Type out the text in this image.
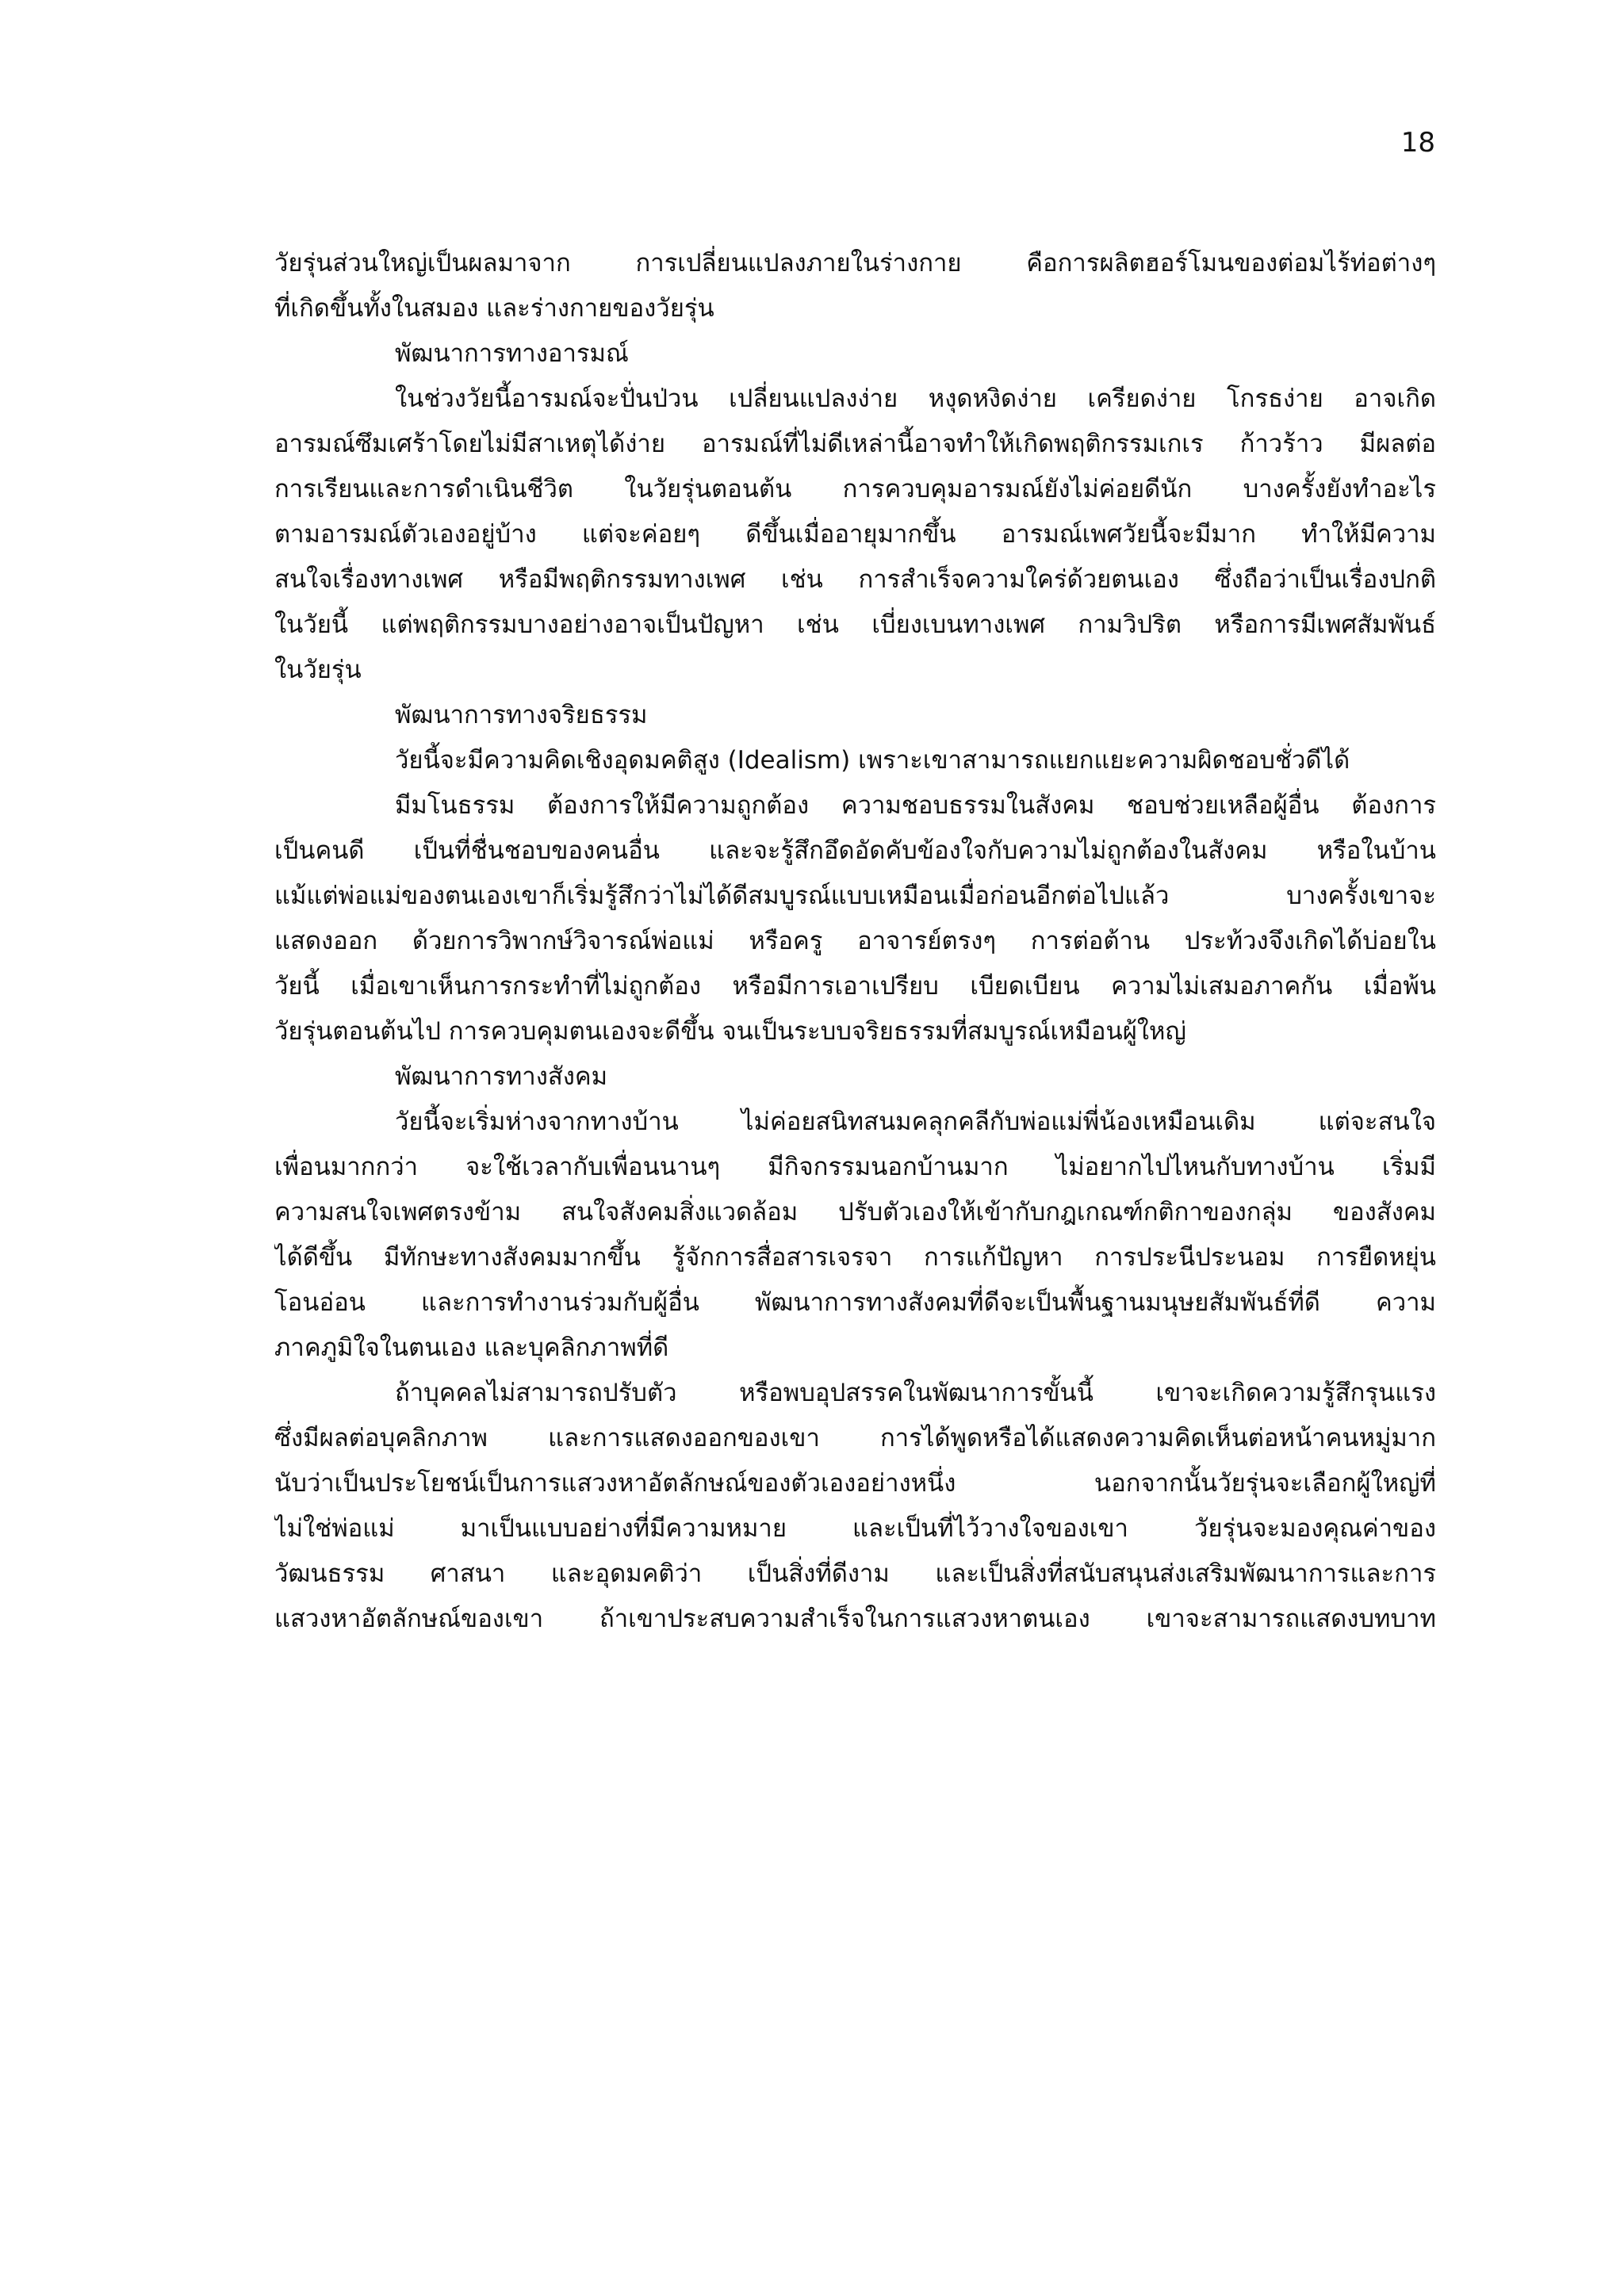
18
วัยรุ่นส่วนใหญ่เป็นผลมาจาก การเปลี่ยนแปลงภายในร่างกาย คือการผลิตฮอร์โมนของต่อมไร้ท่อต่างๆ
ที่เกิดขึ้นทั้งในสมอง และร่างกายของวัยรุ่น
พัฒนาการทางอารมณ์
ในช่วงวัยนี้อารมณ์จะปั่นป่วน เปลี่ยนแปลงง่าย หงุดหงิดง่าย เครียดง่าย โกรธง่าย อาจเกิด
อารมณ์ซึมเศร้าโดยไม่มีสาเหตุได้ง่าย อารมณ์ที่ไม่ดีเหล่านี้อาจทำให้เกิดพฤติกรรมเกเร ก้าวร้าว มีผลต่อ
การเรียนและการดำเนินชีวิต ในวัยรุ่นตอนต้น การควบคุมอารมณ์ยังไม่ค่อยดีนัก บางครั้งยังทำอะไร
ตามอารมณ์ตัวเองอยู่บ้าง แต่จะค่อยๆ ดีขึ้นเมื่ออายุมากขึ้น อารมณ์เพศวัยนี้จะมีมาก ทำให้มีความ
สนใจเรื่องทางเพศ หรือมีพฤติกรรมทางเพศ เช่น การสำเร็จความใคร่ด้วยตนเอง ซึ่งถือว่าเป็นเรื่องปกติ
ในวัยนี้ แต่พฤติกรรมบางอย่างอาจเป็นปัญหา เช่น เบี่ยงเบนทางเพศ กามวิปริต หรือการมีเพศสัมพันธ์
ในวัยรุ่น
พัฒนาการทางจริยธรรม
วัยนี้จะมีความคิดเชิงอุดมคติสูง (Idealism) เพราะเขาสามารถแยกแยะความผิดชอบชั่วดีได้
มีมโนธรรม ต้องการให้มีความถูกต้อง ความชอบธรรมในสังคม ชอบช่วยเหลือผู้อื่น ต้องการ
เป็นคนดี เป็นที่ชื่นชอบของคนอื่น และจะรู้สึกอึดอัดคับข้องใจกับความไม่ถูกต้องในสังคม หรือในบ้าน
แม้แต่พ่อแม่ของตนเองเขาก็เริ่มรู้สึกว่าไม่ได้ดีสมบูรณ์แบบเหมือนเมื่อก่อนอีกต่อไปแล้ว บางครั้งเขาจะ
แสดงออก ด้วยการวิพากษ์วิจารณ์พ่อแม่ หรือครู อาจารย์ตรงๆ การต่อต้าน ประท้วงจึงเกิดได้บ่อยใน
วัยนี้ เมื่อเขาเห็นการกระทำที่ไม่ถูกต้อง หรือมีการเอาเปรียบ เบียดเบียน ความไม่เสมอภาคกัน เมื่อพ้น
วัยรุ่นตอนต้นไป การควบคุมตนเองจะดีขึ้น จนเป็นระบบจริยธรรมที่สมบูรณ์เหมือนผู้ใหญ่
พัฒนาการทางสังคม
วัยนี้จะเริ่มห่างจากทางบ้าน ไม่ค่อยสนิทสนมคลุกคลีกับพ่อแม่พี่น้องเหมือนเดิม แต่จะสนใจ
เพื่อนมากกว่า จะใช้เวลากับเพื่อนนานๆ มีกิจกรรมนอกบ้านมาก ไม่อยากไปไหนกับทางบ้าน เริ่มมี
ความสนใจเพศตรงข้าม สนใจสังคมสิ่งแวดล้อม ปรับตัวเองให้เข้ากับกฎเกณฑ์กติกาของกลุ่ม ของสังคม
ได้ดีขึ้น มีทักษะทางสังคมมากขึ้น รู้จักการสื่อสารเจรจา การแก้ปัญหา การประนีประนอม การยืดหยุ่น
โอนอ่อน และการทำงานร่วมกับผู้อื่น พัฒนาการทางสังคมที่ดีจะเป็นพื้นฐานมนุษยสัมพันธ์ที่ดี ความ
ภาคภูมิใจในตนเอง และบุคลิกภาพที่ดี
ถ้าบุคคลไม่สามารถปรับตัว หรือพบอุปสรรคในพัฒนาการขั้นนี้ เขาจะเกิดความรู้สึกรุนแรง
ซึ่งมีผลต่อบุคลิกภาพ และการแสดงออกของเขา การได้พูดหรือได้แสดงความคิดเห็นต่อหน้าคนหมู่มาก
นับว่าเป็นประโยชน์เป็นการแสวงหาอัตลักษณ์ของตัวเองอย่างหนึ่ง นอกจากนั้นวัยรุ่นจะเลือกผู้ใหญ่ที่
ไม่ใช่พ่อแม่ มาเป็นแบบอย่างที่มีความหมาย และเป็นที่ไว้วางใจของเขา วัยรุ่นจะมองคุณค่าของ
วัฒนธรรม ศาสนา และอุดมคติว่า เป็นสิ่งที่ดีงาม และเป็นสิ่งที่สนับสนุนส่งเสริมพัฒนาการและการ
แสวงหาอัตลักษณ์ของเขา ถ้าเขาประสบความสำเร็จในการแสวงหาตนเอง เขาจะสามารถแสดงบทบาท
